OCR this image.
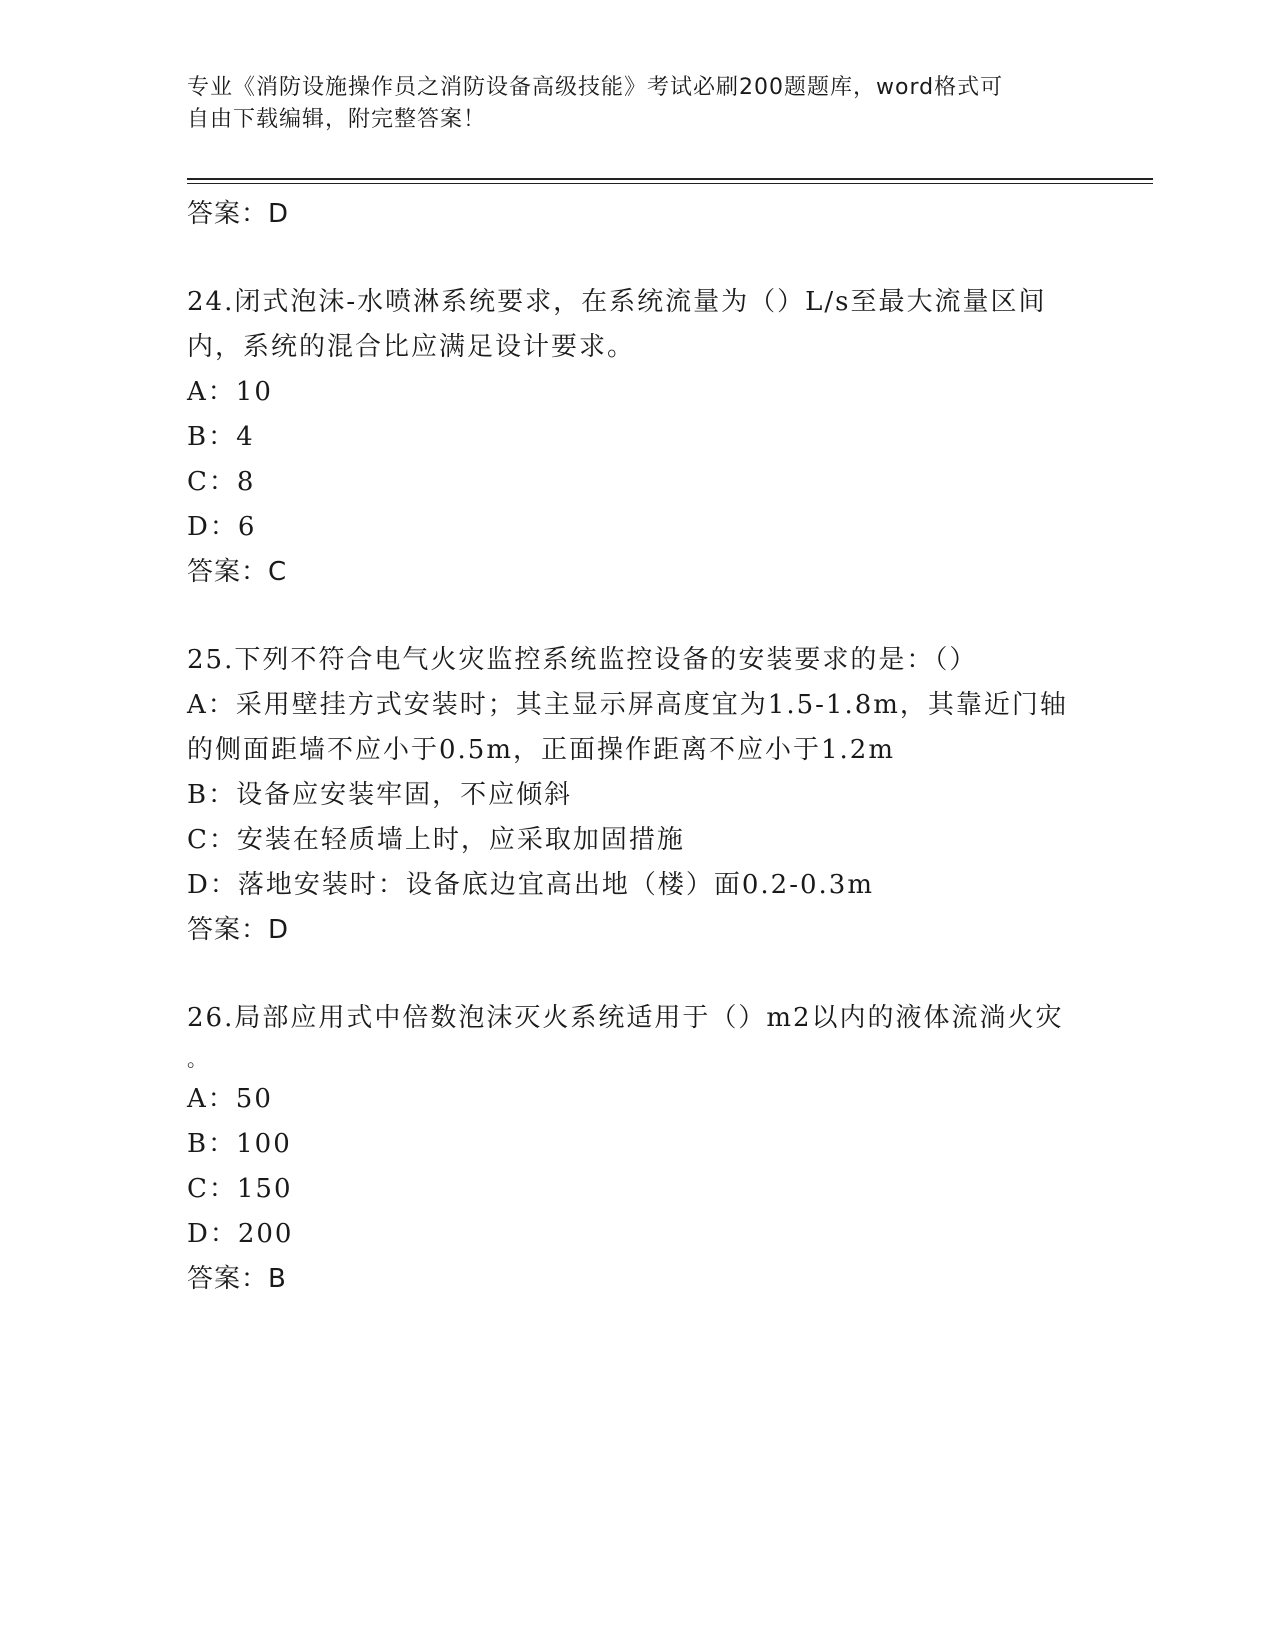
专业《消防设施操作员之消防设备高级技能》考试必刷200题题库，word格式可
自由下载编辑，附完整答案！
答案：D
24.闭式泡沫-水喷淋系统要求，在系统流量为（）L/s至最大流量区间
内，系统的混合比应满足设计要求。
A：10
B：4
C：8
D：6
答案：C
25.下列不符合电气火灾监控系统监控设备的安装要求的是：（）
A：采用壁挂方式安装时；其主显示屏高度宜为1.5-1.8m，其靠近门轴
的侧面距墙不应小于0.5m，正面操作距离不应小于1.2m
B：设备应安装牢固，不应倾斜
C：安装在轻质墙上时，应采取加固措施
D：落地安装时：设备底边宜高出地（楼）面0.2-0.3m
答案：D
26.局部应用式中倍数泡沫灭火系统适用于（）m2以内的液体流淌火灾
。
A：50
B：100
C：150
D：200
答案：B
